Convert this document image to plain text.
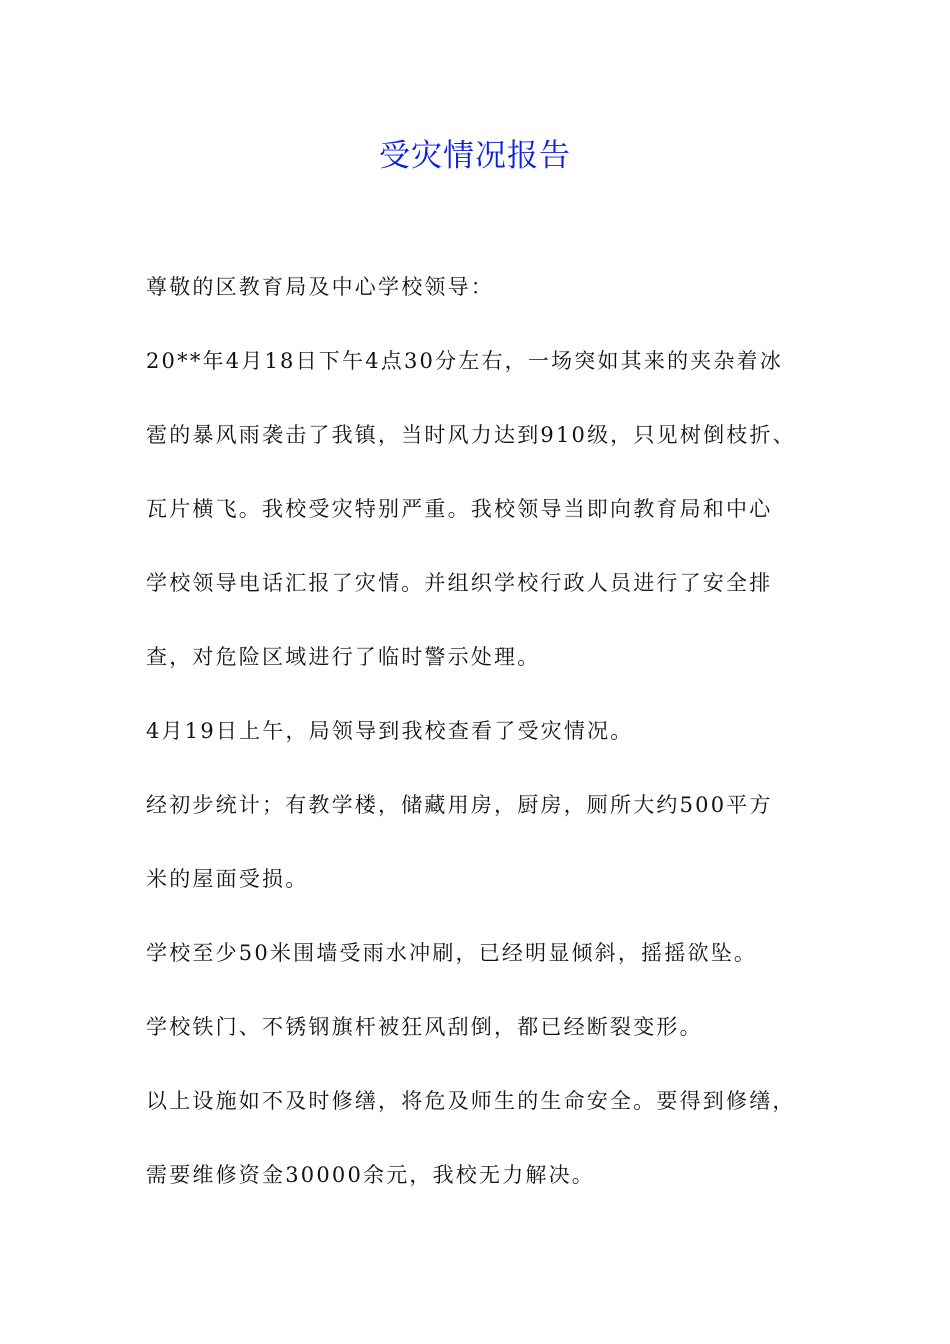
受灾情况报告

尊敬的区教育局及中心学校领导：

20**年4月18日下午4点30分左右，一场突如其来的夹杂着冰

雹的暴风雨袭击了我镇，当时风力达到910级，只见树倒枝折、

瓦片横飞。我校受灾特别严重。我校领导当即向教育局和中心

学校领导电话汇报了灾情。并组织学校行政人员进行了安全排

查，对危险区域进行了临时警示处理。

4月19日上午，局领导到我校查看了受灾情况。

经初步统计；有教学楼，储藏用房，厨房，厕所大约500平方

米的屋面受损。

学校至少50米围墙受雨水冲刷，已经明显倾斜，摇摇欲坠。

学校铁门、不锈钢旗杆被狂风刮倒，都已经断裂变形。

以上设施如不及时修缮，将危及师生的生命安全。要得到修缮，

需要维修资金30000余元，我校无力解决。
